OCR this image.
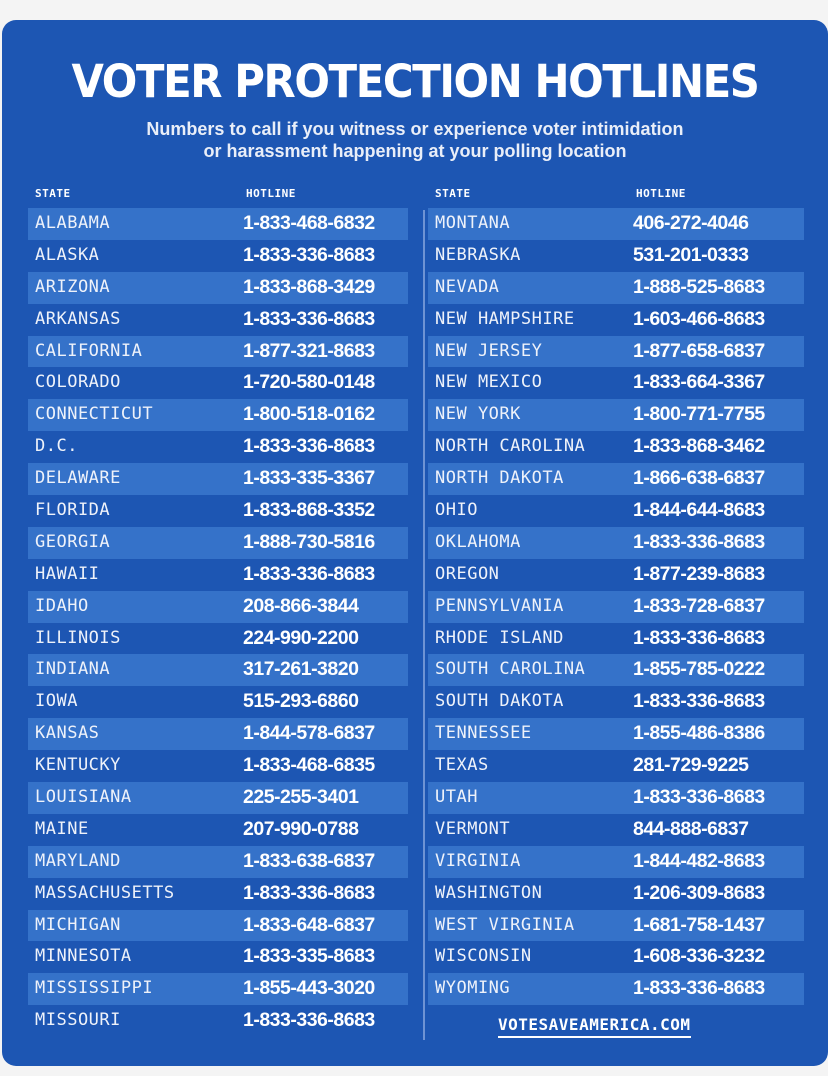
VOTER PROTECTION HOTLINES
Numbers to call if you witness or experience voter intimidation
or harassment happening at your polling location
STATE	HOTLINE	STATE	HOTLINE
ALABAMA	1-833-468-6832
ALASKA	1-833-336-8683
ARIZONA	1-833-868-3429
ARKANSAS	1-833-336-8683
CALIFORNIA	1-877-321-8683
COLORADO	1-720-580-0148
CONNECTICUT	1-800-518-0162
D.C.	1-833-336-8683
DELAWARE	1-833-335-3367
FLORIDA	1-833-868-3352
GEORGIA	1-888-730-5816
HAWAII	1-833-336-8683
IDAHO	208-866-3844
ILLINOIS	224-990-2200
INDIANA	317-261-3820
IOWA	515-293-6860
KANSAS	1-844-578-6837
KENTUCKY	1-833-468-6835
LOUISIANA	225-255-3401
MAINE	207-990-0788
MARYLAND	1-833-638-6837
MASSACHUSETTS	1-833-336-8683
MICHIGAN	1-833-648-6837
MINNESOTA	1-833-335-8683
MISSISSIPPI	1-855-443-3020
MISSOURI	1-833-336-8683
MONTANA	406-272-4046
NEBRASKA	531-201-0333
NEVADA	1-888-525-8683
NEW HAMPSHIRE	1-603-466-8683
NEW JERSEY	1-877-658-6837
NEW MEXICO	1-833-664-3367
NEW YORK	1-800-771-7755
NORTH CAROLINA 1-833-868-3462
NORTH DAKOTA	1-866-638-6837
OHIO	1-844-644-8683
OKLAHOMA	1-833-336-8683
OREGON	1-877-239-8683
PENNSYLVANIA	1-833-728-6837
RHODE ISLAND	1-833-336-8683
SOUTH CAROLINA 1-855-785-0222
SOUTH DAKOTA	1-833-336-8683
TENNESSEE	1-855-486-8386
TEXAS	281-729-9225
UTAH	1-833-336-8683
VERMONT	844-888-6837
VIRGINIA	1-844-482-8683
WASHINGTON	1-206-309-8683
WEST VIRGINIA	1-681-758-1437
WISCONSIN	1-608-336-3232
WYOMING	1-833-336-8683
VOTESAVEAMERICA.COM
